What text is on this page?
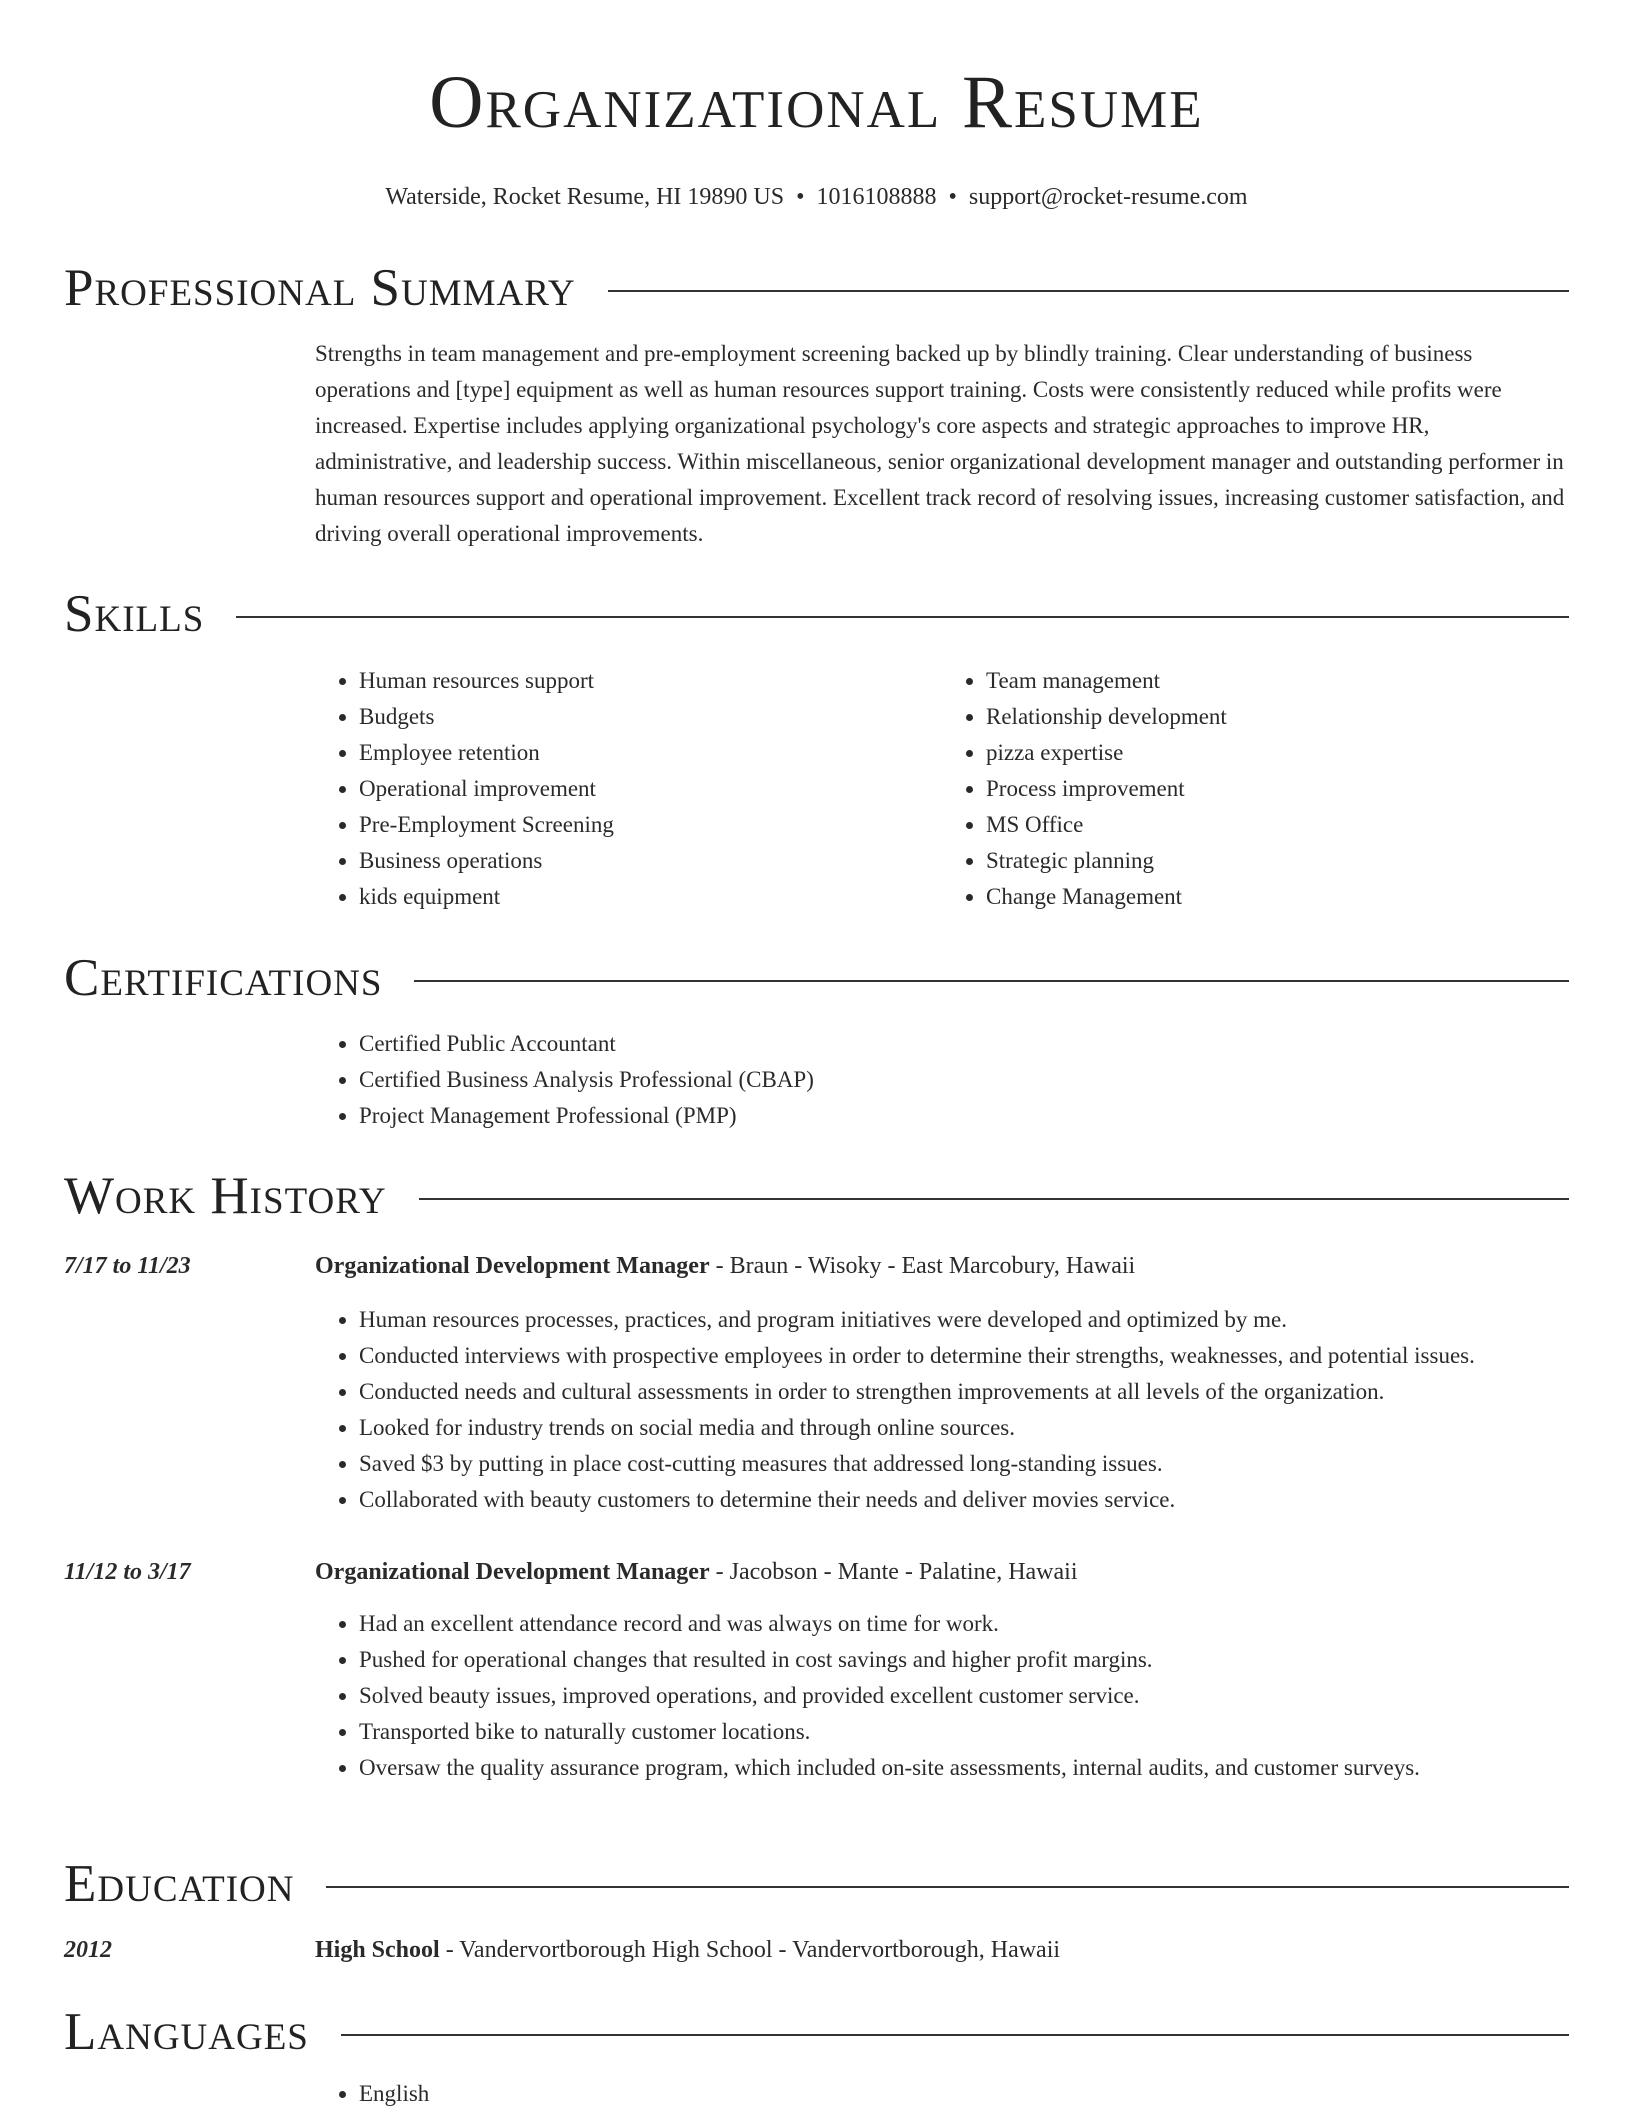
Organizational Resume
Waterside, Rocket Resume, HI 19890 US • 1016108888 • support@rocket-resume.com
Professional Summary

Strengths in team management and pre-employment screening backed up by blindly training. Clear understanding of business operations and [type] equipment as well as human resources support training. Costs were consistently reduced while profits were increased. Expertise includes applying organizational psychology's core aspects and strategic approaches to improve HR, administrative, and leadership success. Within miscellaneous, senior organizational development manager and outstanding performer in human resources support and operational improvement. Excellent track record of resolving issues, increasing customer satisfaction, and driving overall operational improvements.

Skills
• Human resources support
• Budgets
• Employee retention
• Operational improvement
• Pre-Employment Screening
• Business operations
• kids equipment
• Team management
• Relationship development
• pizza expertise
• Process improvement
• MS Office
• Strategic planning
• Change Management
Certifications
• Certified Public Accountant
• Certified Business Analysis Professional (CBAP)
• Project Management Professional (PMP)
Work History
7/17 to 11/23	Organizational Development Manager - Braun - Wisoky - East Marcobury, Hawaii
• Human resources processes, practices, and program initiatives were developed and optimized by me.
• Conducted interviews with prospective employees in order to determine their strengths, weaknesses, and potential issues.
• Conducted needs and cultural assessments in order to strengthen improvements at all levels of the organization.
• Looked for industry trends on social media and through online sources.
• Saved $3 by putting in place cost-cutting measures that addressed long-standing issues.
• Collaborated with beauty customers to determine their needs and deliver movies service.
11/12 to 3/17	Organizational Development Manager - Jacobson - Mante - Palatine, Hawaii
• Had an excellent attendance record and was always on time for work.
• Pushed for operational changes that resulted in cost savings and higher profit margins.
• Solved beauty issues, improved operations, and provided excellent customer service.
• Transported bike to naturally customer locations.
• Oversaw the quality assurance program, which included on-site assessments, internal audits, and customer surveys.
Education
2012	High School - Vandervortborough High School - Vandervortborough, Hawaii
Languages
• English
